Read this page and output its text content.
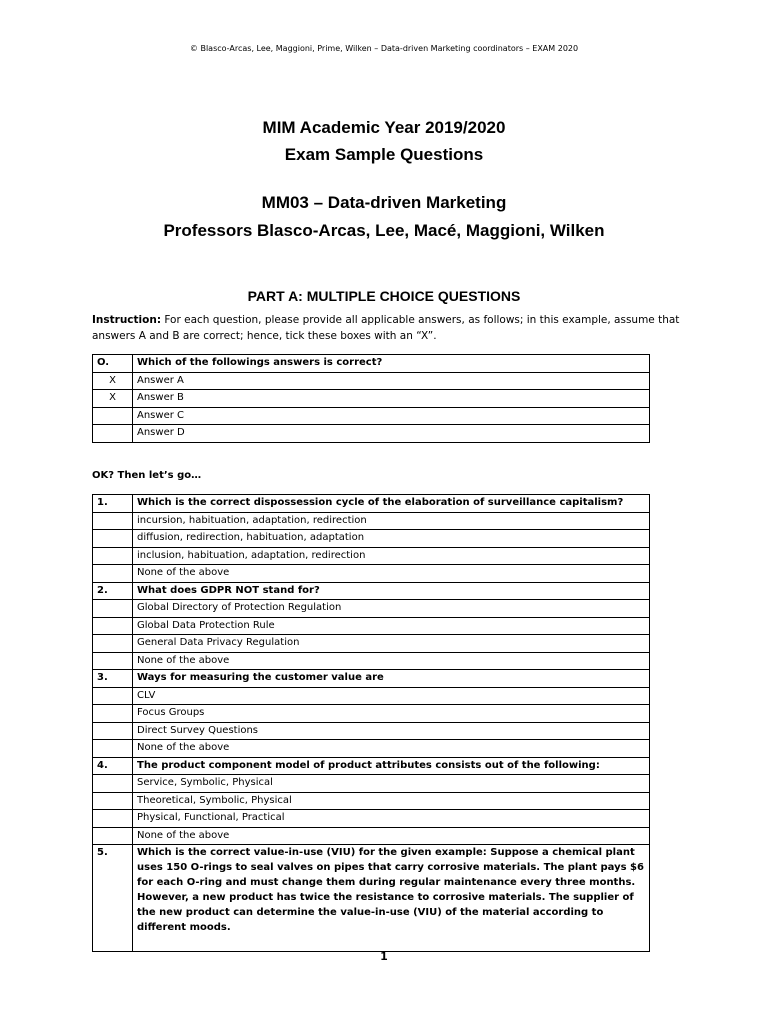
© Blasco-Arcas, Lee, Maggioni, Prime, Wilken – Data-driven Marketing coordinators – EXAM 2020
MIM Academic Year 2019/2020
Exam Sample Questions
MM03 – Data-driven Marketing
Professors Blasco-Arcas, Lee, Macé, Maggioni, Wilken
PART A: MULTIPLE CHOICE QUESTIONS
Instruction: For each question, please provide all applicable answers, as follows; in this example, assume that answers A and B are correct; hence, tick these boxes with an “X”.
O.	Which of the followings answers is correct?
X	Answer A
X	Answer B
	Answer C
	Answer D
OK? Then let’s go…
1.	Which is the correct dispossession cycle of the elaboration of surveillance capitalism?
	incursion, habituation, adaptation, redirection
	diffusion, redirection, habituation, adaptation
	inclusion, habituation, adaptation, redirection
	None of the above
2.	What does GDPR NOT stand for?
	Global Directory of Protection Regulation
	Global Data Protection Rule
	General Data Privacy Regulation
	None of the above
3.	Ways for measuring the customer value are
	CLV
	Focus Groups
	Direct Survey Questions
	None of the above
4.	The product component model of product attributes consists out of the following:
	Service, Symbolic, Physical
	Theoretical, Symbolic, Physical
	Physical, Functional, Practical
	None of the above
5.	Which is the correct value-in-use (VIU) for the given example: Suppose a chemical plant uses 150 O-rings to seal valves on pipes that carry corrosive materials. The plant pays $6 for each O-ring and must change them during regular maintenance every three months. However, a new product has twice the resistance to corrosive materials. The supplier of the new product can determine the value-in-use (VIU) of the material according to different moods.
1
